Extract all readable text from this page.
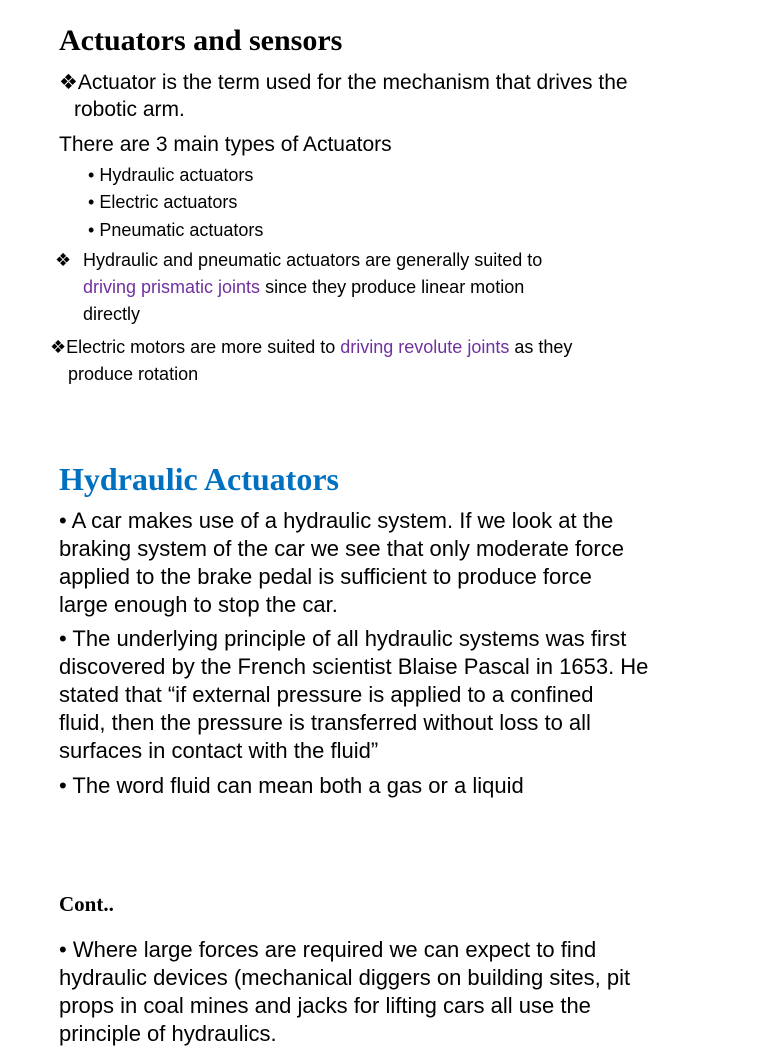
Actuators and sensors
❖Actuator is the term used for the mechanism that drives the
robotic arm.
There are 3 main types of Actuators
• Hydraulic actuators
• Electric actuators
• Pneumatic actuators
❖ Hydraulic and pneumatic actuators are generally suited to
driving prismatic joints since they produce linear motion
directly
❖Electric motors are more suited to driving revolute joints as they
produce rotation
Hydraulic Actuators
• A car makes use of a hydraulic system. If we look at the
braking system of the car we see that only moderate force
applied to the brake pedal is sufficient to produce force
large enough to stop the car.
• The underlying principle of all hydraulic systems was first
discovered by the French scientist Blaise Pascal in 1653. He
stated that “if external pressure is applied to a confined
fluid, then the pressure is transferred without loss to all
surfaces in contact with the fluid”
• The word fluid can mean both a gas or a liquid
Cont..
• Where large forces are required we can expect to find
hydraulic devices (mechanical diggers on building sites, pit
props in coal mines and jacks for lifting cars all use the
principle of hydraulics.
